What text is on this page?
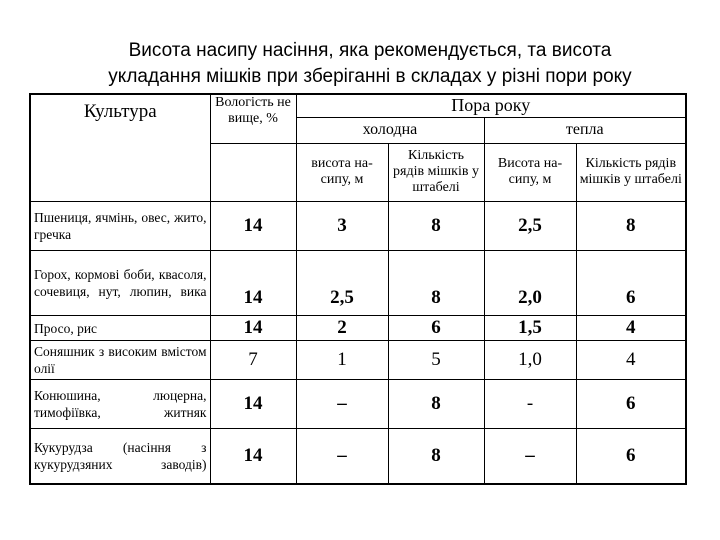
Висота насипу насіння, яка рекомендується, та висота
укладання мішків при зберіганні в складах у різні пори року
Культура	Вологість не вище, %	Пора року			
		холодна		тепла	
		висота на-сипу, м	Кількість рядів мішків у штабелі	Висота на-сипу, м	Кількість рядів мішків у штабелі
Пшениця, ячмінь, овес, жито, гречка	14	3	8	2,5	8
Горох, кормові боби, квасоля, сочевиця, нут, люпин, вика	14	2,5	8	2,0	6
Просо, рис	14	2	6	1,5	4
Соняшник з високим вмістом олії	7	1	5	1,0	4
Конюшина, люцерна, тимофіївка, житняк	14	–	8	-	6
Кукурудза (насіння з кукурудзяних заводів)	14	–	8	–	6
